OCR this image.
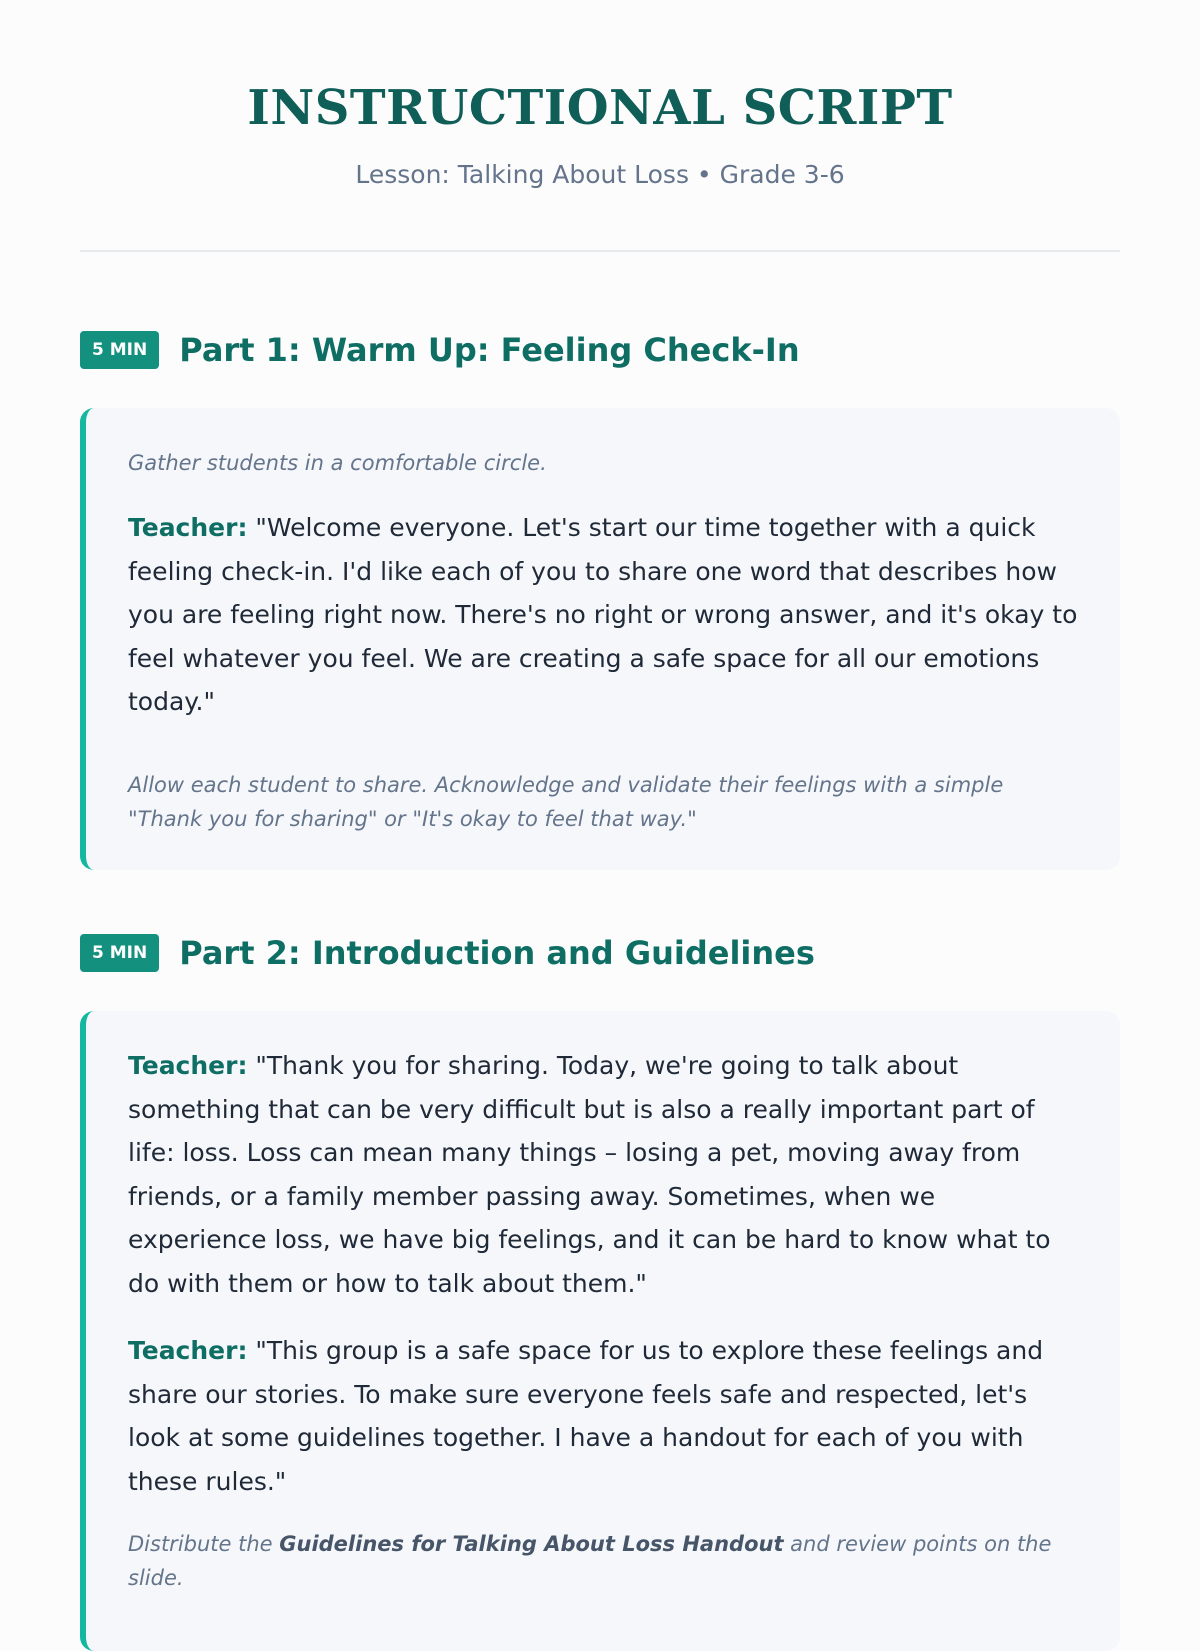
INSTRUCTIONAL SCRIPT
Lesson: Talking About Loss • Grade 3-6
5 MIN	Part 1: Warm Up: Feeling Check-In

Gather students in a comfortable circle.

Teacher: "Welcome everyone. Let's start our time together with a quick feeling check-in. I'd like each of you to share one word that describes how you are feeling right now. There's no right or wrong answer, and it's okay to feel whatever you feel. We are creating a safe space for all our emotions today."

Allow each student to share. Acknowledge and validate their feelings with a simple "Thank you for sharing" or "It's okay to feel that way."

5 MIN	Part 2: Introduction and Guidelines

Teacher: "Thank you for sharing. Today, we're going to talk about something that can be very difficult but is also a really important part of life: loss. Loss can mean many things – losing a pet, moving away from friends, or a family member passing away. Sometimes, when we experience loss, we have big feelings, and it can be hard to know what to do with them or how to talk about them."

Teacher: "This group is a safe space for us to explore these feelings and share our stories. To make sure everyone feels safe and respected, let's look at some guidelines together. I have a handout for each of you with these rules."

Distribute the Guidelines for Talking About Loss Handout and review points on the slide.
